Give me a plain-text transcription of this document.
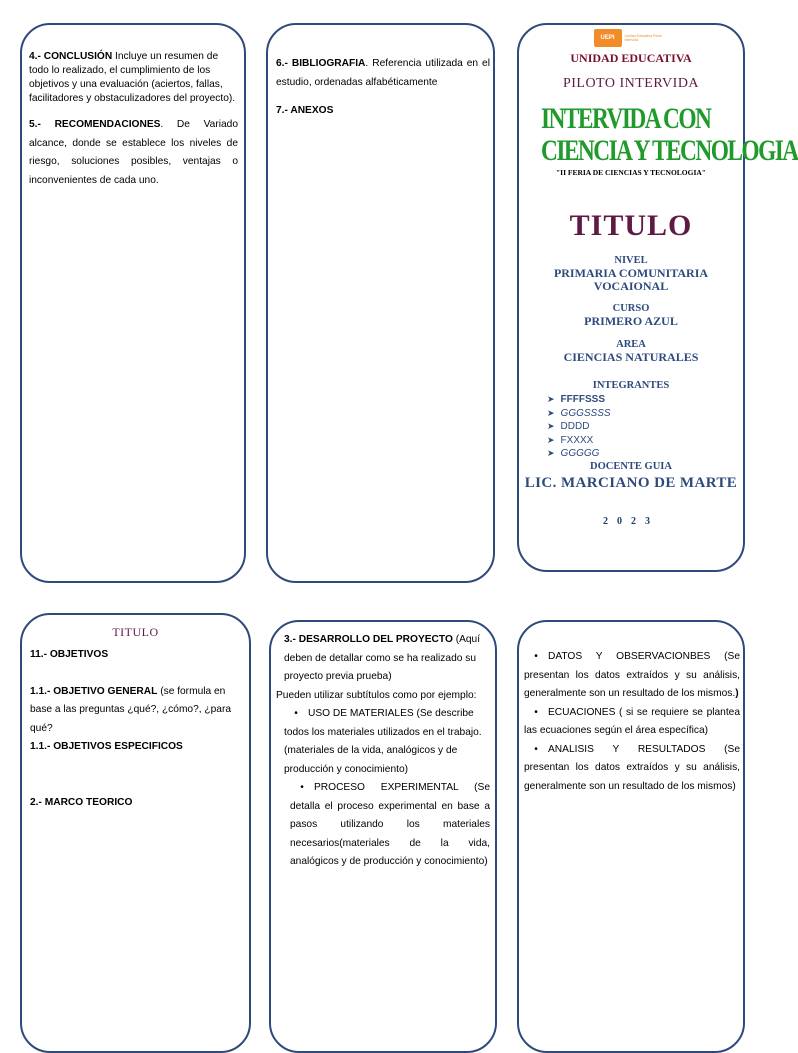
4.- CONCLUSIÓN Incluye un resumen de todo lo realizado, el cumplimiento de los objetivos y una evaluación (aciertos, fallas, facilitadores y obstaculizadores del proyecto).

5.- RECOMENDACIONES. De Variado alcance, donde se establece los niveles de riesgo, soluciones posibles, ventajas o inconvenientes de cada uno.

6.- BIBLIOGRAFIA. Referencia utilizada en el estudio, ordenadas alfabéticamente

7.- ANEXOS

UEPI	Unidad Educativa Piloto Intervida
UNIDAD EDUCATIVA
PILOTO INTERVIDA
INTERVIDA CON
CIENCIA Y TECNOLOGIA
"II FERIA DE CIENCIAS Y TECNOLOGIA"
TITULO
NIVEL
PRIMARIA COMUNITARIA
VOCAIONAL
CURSO
PRIMERO AZUL
AREA
CIENCIAS NATURALES
INTEGRANTES
➤ FFFFSSS
➤ GGGSSSS
➤ DDDD
➤ FXXXX
➤ GGGGG
DOCENTE GUIA
LIC. MARCIANO DE MARTE
2023
TITULO

11.- OBJETIVOS

1.1.- OBJETIVO GENERAL (se formula en base a las preguntas ¿qué?, ¿cómo?, ¿para qué?

1.1.- OBJETIVOS ESPECIFICOS

2.- MARCO TEORICO

3.- DESARROLLO DEL PROYECTO (Aquí deben de detallar como se ha realizado su proyecto previa prueba)

Pueden utilizar subtítulos como por ejemplo:

• USO DE MATERIALES (Se describe todos los materiales utilizados en el trabajo. (materiales de la vida, analógicos y de producción y conocimiento)

• PROCESO EXPERIMENTAL (Se detalla el proceso experimental en base a pasos utilizando los materiales necesarios(materiales de la vida, analógicos y de producción y conocimiento)

• DATOS Y OBSERVACIONBES (Se presentan los datos extraídos y su análisis, generalmente son un resultado de los mismos.)

• ECUACIONES ( si se requiere se plantea las ecuaciones según el área específica)

• ANALISIS Y RESULTADOS (Se presentan los datos extraídos y su análisis, generalmente son un resultado de los mismos)
